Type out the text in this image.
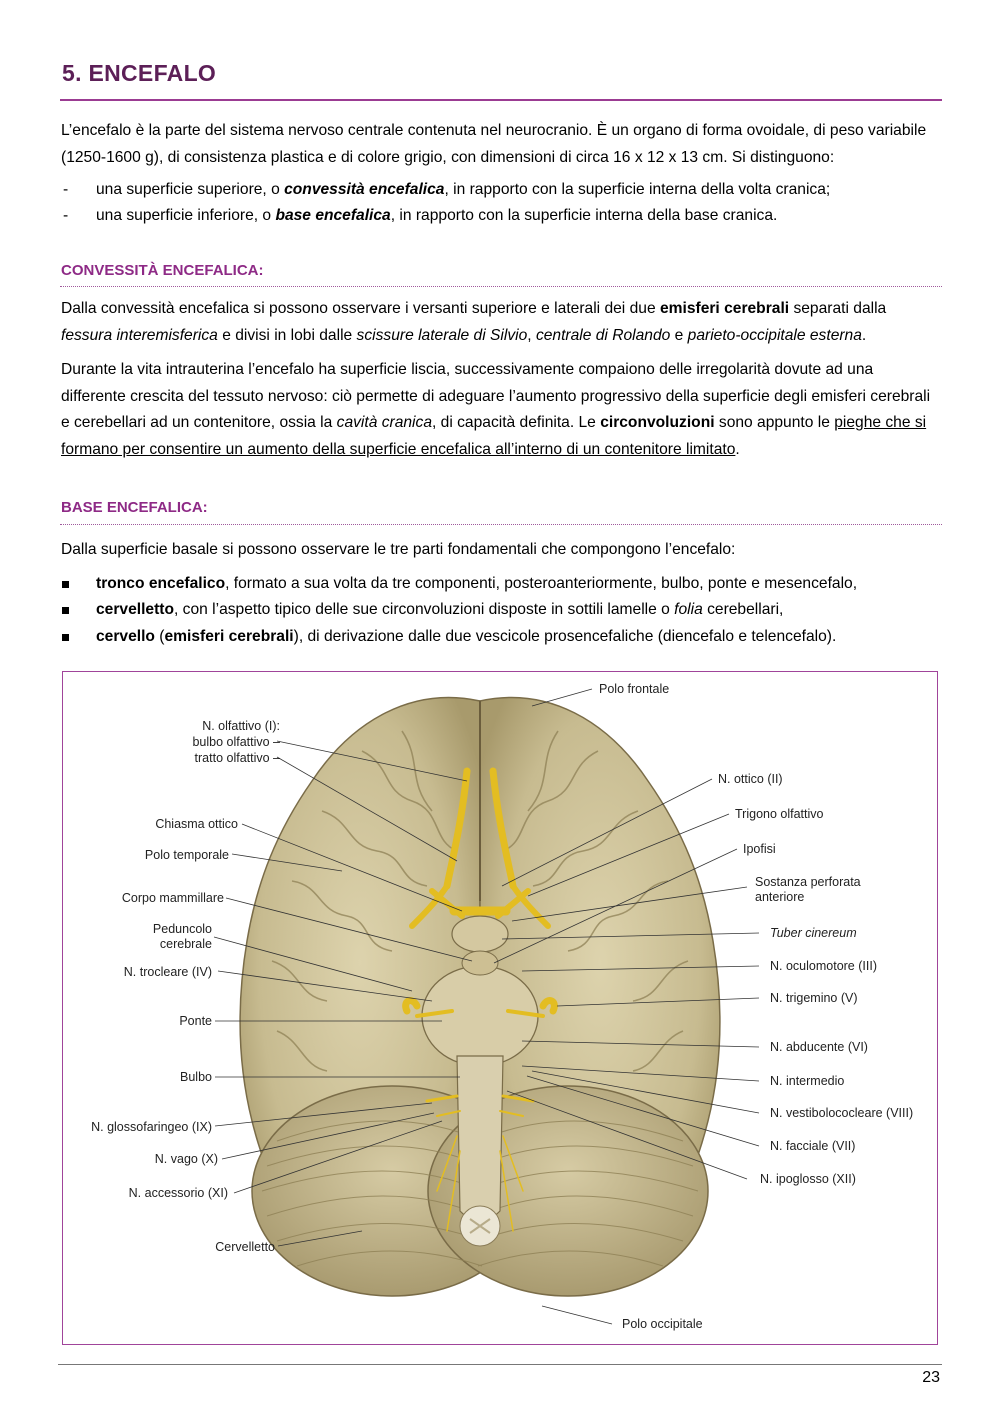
5. ENCEFALO

L’encefalo è la parte del sistema nervoso centrale contenuta nel neurocranio. È un organo di forma ovoidale, di peso variabile (1250-1600 g), di consistenza plastica e di colore grigio, con dimensioni di circa 16 x 12 x 13 cm. Si distinguono:

- una superficie superiore, o convessità encefalica, in rapporto con la superficie interna della volta cranica;
- una superficie inferiore, o base encefalica, in rapporto con la superficie interna della base cranica.
CONVESSITÀ ENCEFALICA:

Dalla convessità encefalica si possono osservare i versanti superiore e laterali dei due emisferi cerebrali separati dalla fessura interemisferica e divisi in lobi dalle scissure laterale di Silvio, centrale di Rolando e parieto-occipitale esterna.

Durante la vita intrauterina l’encefalo ha superficie liscia, successivamente compaiono delle irregolarità dovute ad una differente crescita del tessuto nervoso: ciò permette di adeguare l’aumento progressivo della superficie degli emisferi cerebrali e cerebellari ad un contenitore, ossia la cavità cranica, di capacità definita. Le circonvoluzioni sono appunto le pieghe che si formano per consentire un aumento della superficie encefalica all’interno di un contenitore limitato.

BASE ENCEFALICA:

Dalla superficie basale si possono osservare le tre parti fondamentali che compongono l’encefalo:

tronco encefalico, formato a sua volta da tre componenti, posteroanteriormente, bulbo, ponte e mesencefalo,
cervelletto, con l’aspetto tipico delle sue circonvoluzioni disposte in sottili lamelle o folia cerebellari,
cervello (emisferi cerebrali), di derivazione dalle due vescicole prosencefaliche (diencefalo e telencefalo).
N. olfattivo (I):
bulbo olfattivo –
tratto olfattivo –
Chiasma ottico
Polo temporale
Corpo mammillare
Peduncolo
cerebrale
N. trocleare (IV)
Ponte
Bulbo
N. glossofaringeo (IX)
N. vago (X)
N. accessorio (XI)
Cervelletto
Polo frontale
N. ottico (II)
Trigono olfattivo
Ipofisi
Sostanza perforata
anteriore
Tuber cinereum
N. oculomotore (III)
N. trigemino (V)
N. abducente (VI)
N. intermedio
N. vestibolococleare (VIII)
N. facciale (VII)
N. ipoglosso (XII)
Polo occipitale
23
